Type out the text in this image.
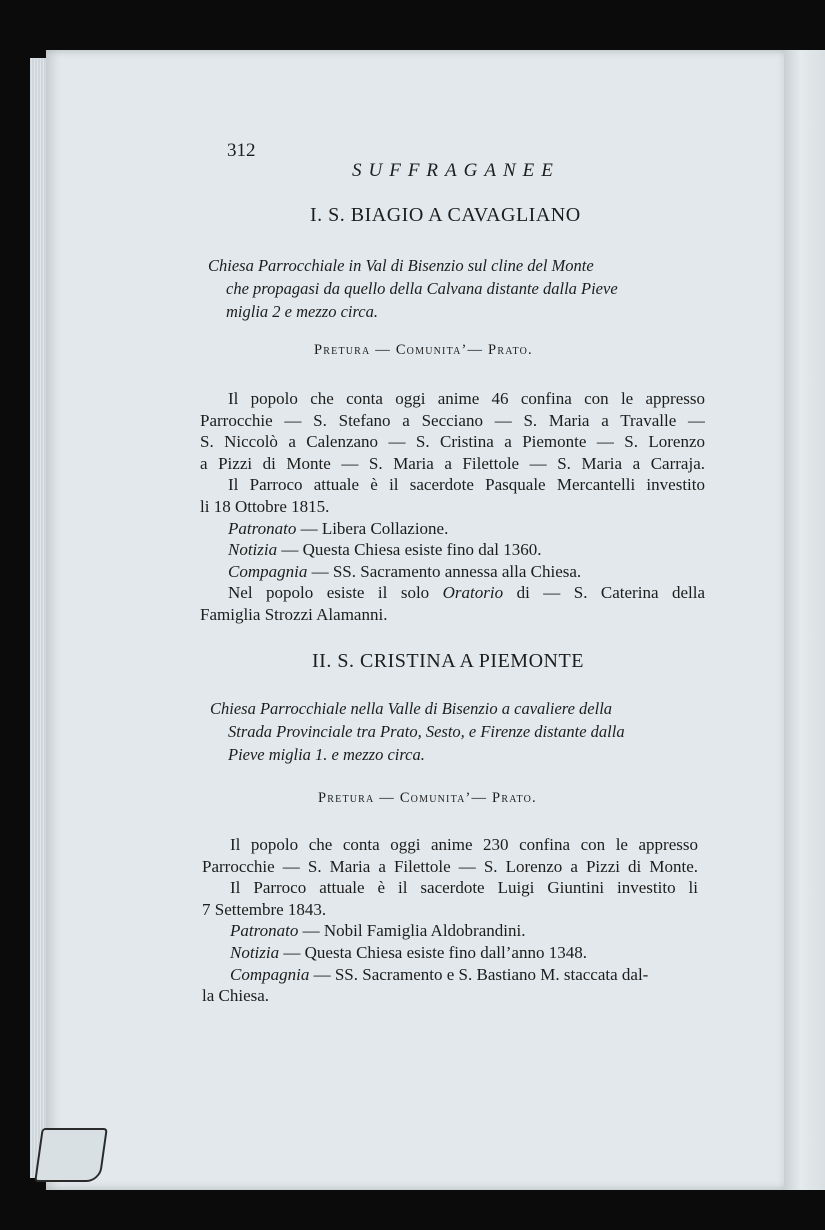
312
SUFFRAGANEE
I. S. BIAGIO A CAVAGLIANO
Chiesa Parrocchiale in Val di Bisenzio sul cline del Monte
che propagasi da quello della Calvana distante dalla Pieve
miglia 2 e mezzo circa.
Pretura — Comunita’— Prato.
Il popolo che conta oggi anime 46 confina con le appresso
Parrocchie — S. Stefano a Secciano — S. Maria a Travalle —
S. Niccolò a Calenzano — S. Cristina a Piemonte — S. Lorenzo
a Pizzi di Monte — S. Maria a Filettole — S. Maria a Carraja.
Il Parroco attuale è il sacerdote Pasquale Mercantelli investito
li 18 Ottobre 1815.
Patronato — Libera Collazione.
Notizia — Questa Chiesa esiste fino dal 1360.
Compagnia — SS. Sacramento annessa alla Chiesa.
Nel popolo esiste il solo Oratorio di — S. Caterina della
Famiglia Strozzi Alamanni.
II. S. CRISTINA A PIEMONTE
Chiesa Parrocchiale nella Valle di Bisenzio a cavaliere della
Strada Provinciale tra Prato, Sesto, e Firenze distante dalla
Pieve miglia 1. e mezzo circa.
Pretura — Comunita’— Prato.
Il popolo che conta oggi anime 230 confina con le appresso
Parrocchie — S. Maria a Filettole — S. Lorenzo a Pizzi di Monte.
Il Parroco attuale è il sacerdote Luigi Giuntini investito li
7 Settembre 1843.
Patronato — Nobil Famiglia Aldobrandini.
Notizia — Questa Chiesa esiste fino dall’anno 1348.
Compagnia — SS. Sacramento e S. Bastiano M. staccata dal-
la Chiesa.
